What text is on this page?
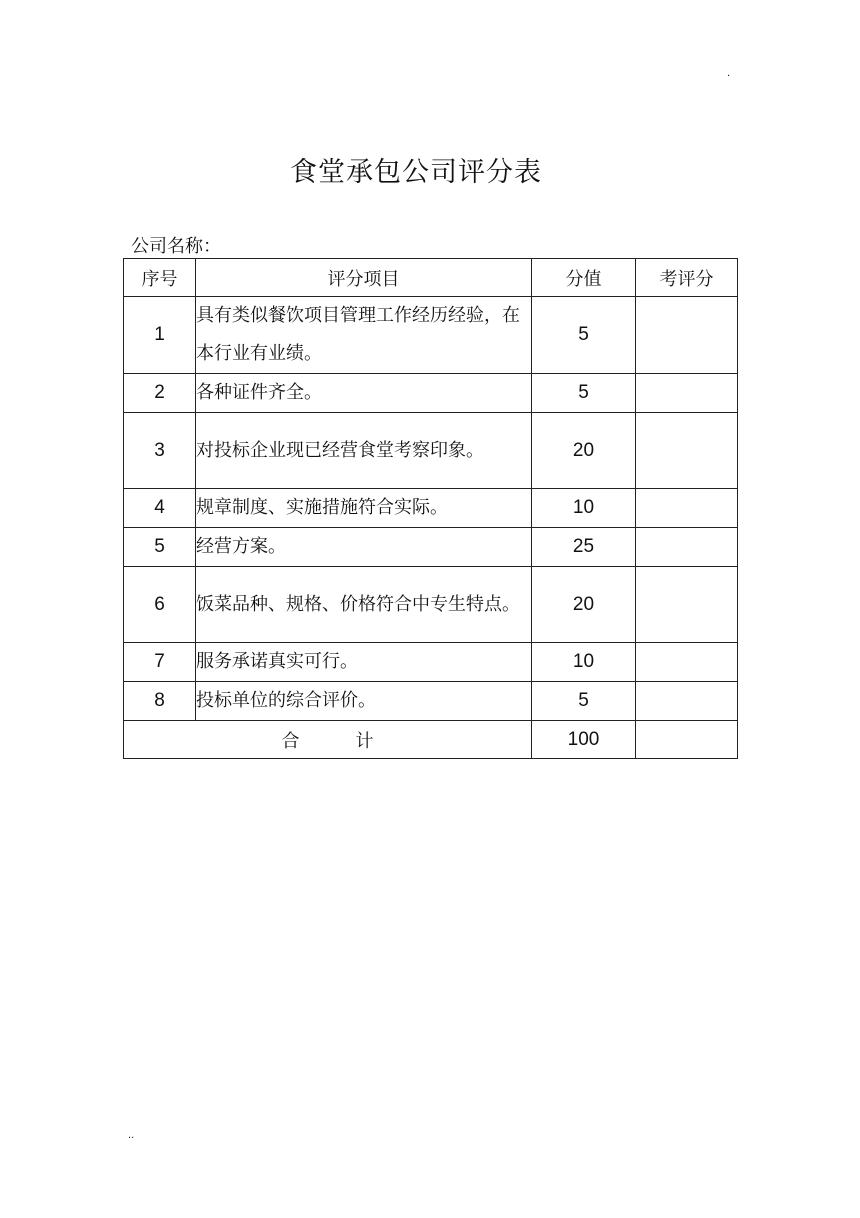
.
食堂承包公司评分表
公司名称：
序号	评分项目	分值	考评分
1	具有类似餐饮项目管理工作经历经验，在本行业有业绩。	5	
2	各种证件齐全。	5	
3	对投标企业现已经营食堂考察印象。	20	
4	规章制度、实施措施符合实际。	10	
5	经营方案。	25	
6	饭菜品种、规格、价格符合中专生特点。	20	
7	服务承诺真实可行。	10	
8	投标单位的综合评价。	5	
合 计		100	
..
